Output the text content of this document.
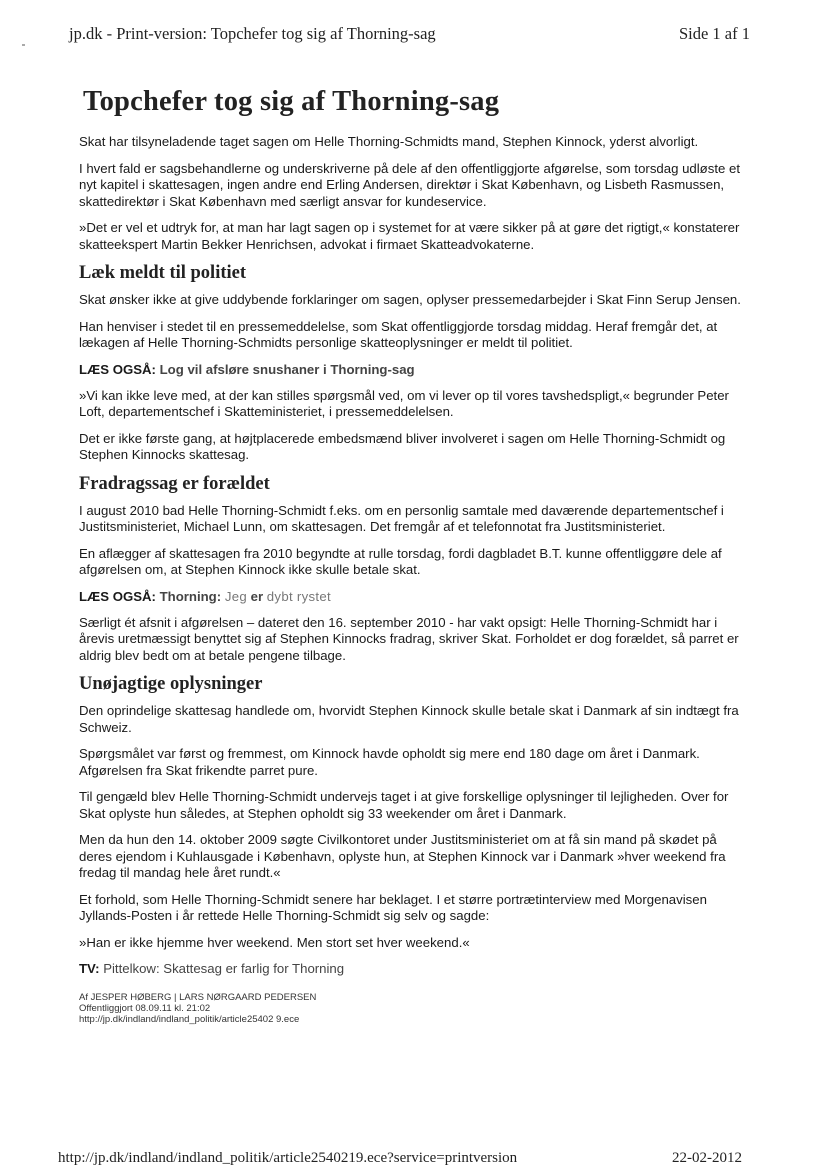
jp.dk - Print-version: Topchefer tog sig af Thorning-sag	Side 1 af 1
Topchefer tog sig af Thorning-sag

Skat har tilsyneladende taget sagen om Helle Thorning-Schmidts mand, Stephen Kinnock, yderst alvorligt.

I hvert fald er sagsbehandlerne og underskriverne på dele af den offentliggjorte afgørelse, som torsdag udløste et nyt kapitel i skattesagen, ingen andre end Erling Andersen, direktør i Skat København, og Lisbeth Rasmussen, skattedirektør i Skat København med særligt ansvar for kundeservice.

»Det er vel et udtryk for, at man har lagt sagen op i systemet for at være sikker på at gøre det rigtigt,« konstaterer skatteekspert Martin Bekker Henrichsen, advokat i firmaet Skatteadvokaterne.

Læk meldt til politiet

Skat ønsker ikke at give uddybende forklaringer om sagen, oplyser pressemedarbejder i Skat Finn Serup Jensen.

Han henviser i stedet til en pressemeddelelse, som Skat offentliggjorde torsdag middag. Heraf fremgår det, at lækagen af Helle Thorning-Schmidts personlige skatteoplysninger er meldt til politiet.

LÆS OGSÅ: Log vil afsløre snushaner i Thorning-sag

»Vi kan ikke leve med, at der kan stilles spørgsmål ved, om vi lever op til vores tavshedspligt,« begrunder Peter Loft, departementschef i Skatteministeriet, i pressemeddelelsen.

Det er ikke første gang, at højtplacerede embedsmænd bliver involveret i sagen om Helle Thorning-Schmidt og Stephen Kinnocks skattesag.

Fradragssag er forældet

I august 2010 bad Helle Thorning-Schmidt f.eks. om en personlig samtale med daværende departementschef i Justitsministeriet, Michael Lunn, om skattesagen. Det fremgår af et telefonnotat fra Justitsministeriet.

En aflægger af skattesagen fra 2010 begyndte at rulle torsdag, fordi dagbladet B.T. kunne offentliggøre dele af afgørelsen om, at Stephen Kinnock ikke skulle betale skat.

LÆS OGSÅ: Thorning: Jeg er dybt rystet

Særligt ét afsnit i afgørelsen – dateret den 16. september 2010 - har vakt opsigt: Helle Thorning-Schmidt har i årevis uretmæssigt benyttet sig af Stephen Kinnocks fradrag, skriver Skat. Forholdet er dog forældet, så parret er aldrig blev bedt om at betale pengene tilbage.

Unøjagtige oplysninger

Den oprindelige skattesag handlede om, hvorvidt Stephen Kinnock skulle betale skat i Danmark af sin indtægt fra Schweiz.

Spørgsmålet var først og fremmest, om Kinnock havde opholdt sig mere end 180 dage om året i Danmark. Afgørelsen fra Skat frikendte parret pure.

Til gengæld blev Helle Thorning-Schmidt undervejs taget i at give forskellige oplysninger til lejligheden. Over for Skat oplyste hun således, at Stephen opholdt sig 33 weekender om året i Danmark.

Men da hun den 14. oktober 2009 søgte Civilkontoret under Justitsministeriet om at få sin mand på skødet på deres ejendom i Kuhlausgade i København, oplyste hun, at Stephen Kinnock var i Danmark »hver weekend fra fredag til mandag hele året rundt.«

Et forhold, som Helle Thorning-Schmidt senere har beklaget. I et større portrætinterview med Morgenavisen Jyllands-Posten i år rettede Helle Thorning-Schmidt sig selv og sagde:

»Han er ikke hjemme hver weekend. Men stort set hver weekend.«

TV: Pittelkow: Skattesag er farlig for Thorning
Af JESPER HØBERG | LARS NØRGAARD PEDERSEN
Offentliggjort 08.09.11 kl. 21:02
http://jp.dk/indland/indland_politik/article25402 9.ece
http://jp.dk/indland/indland_politik/article2540219.ece?service=printversion	22-02-2012
